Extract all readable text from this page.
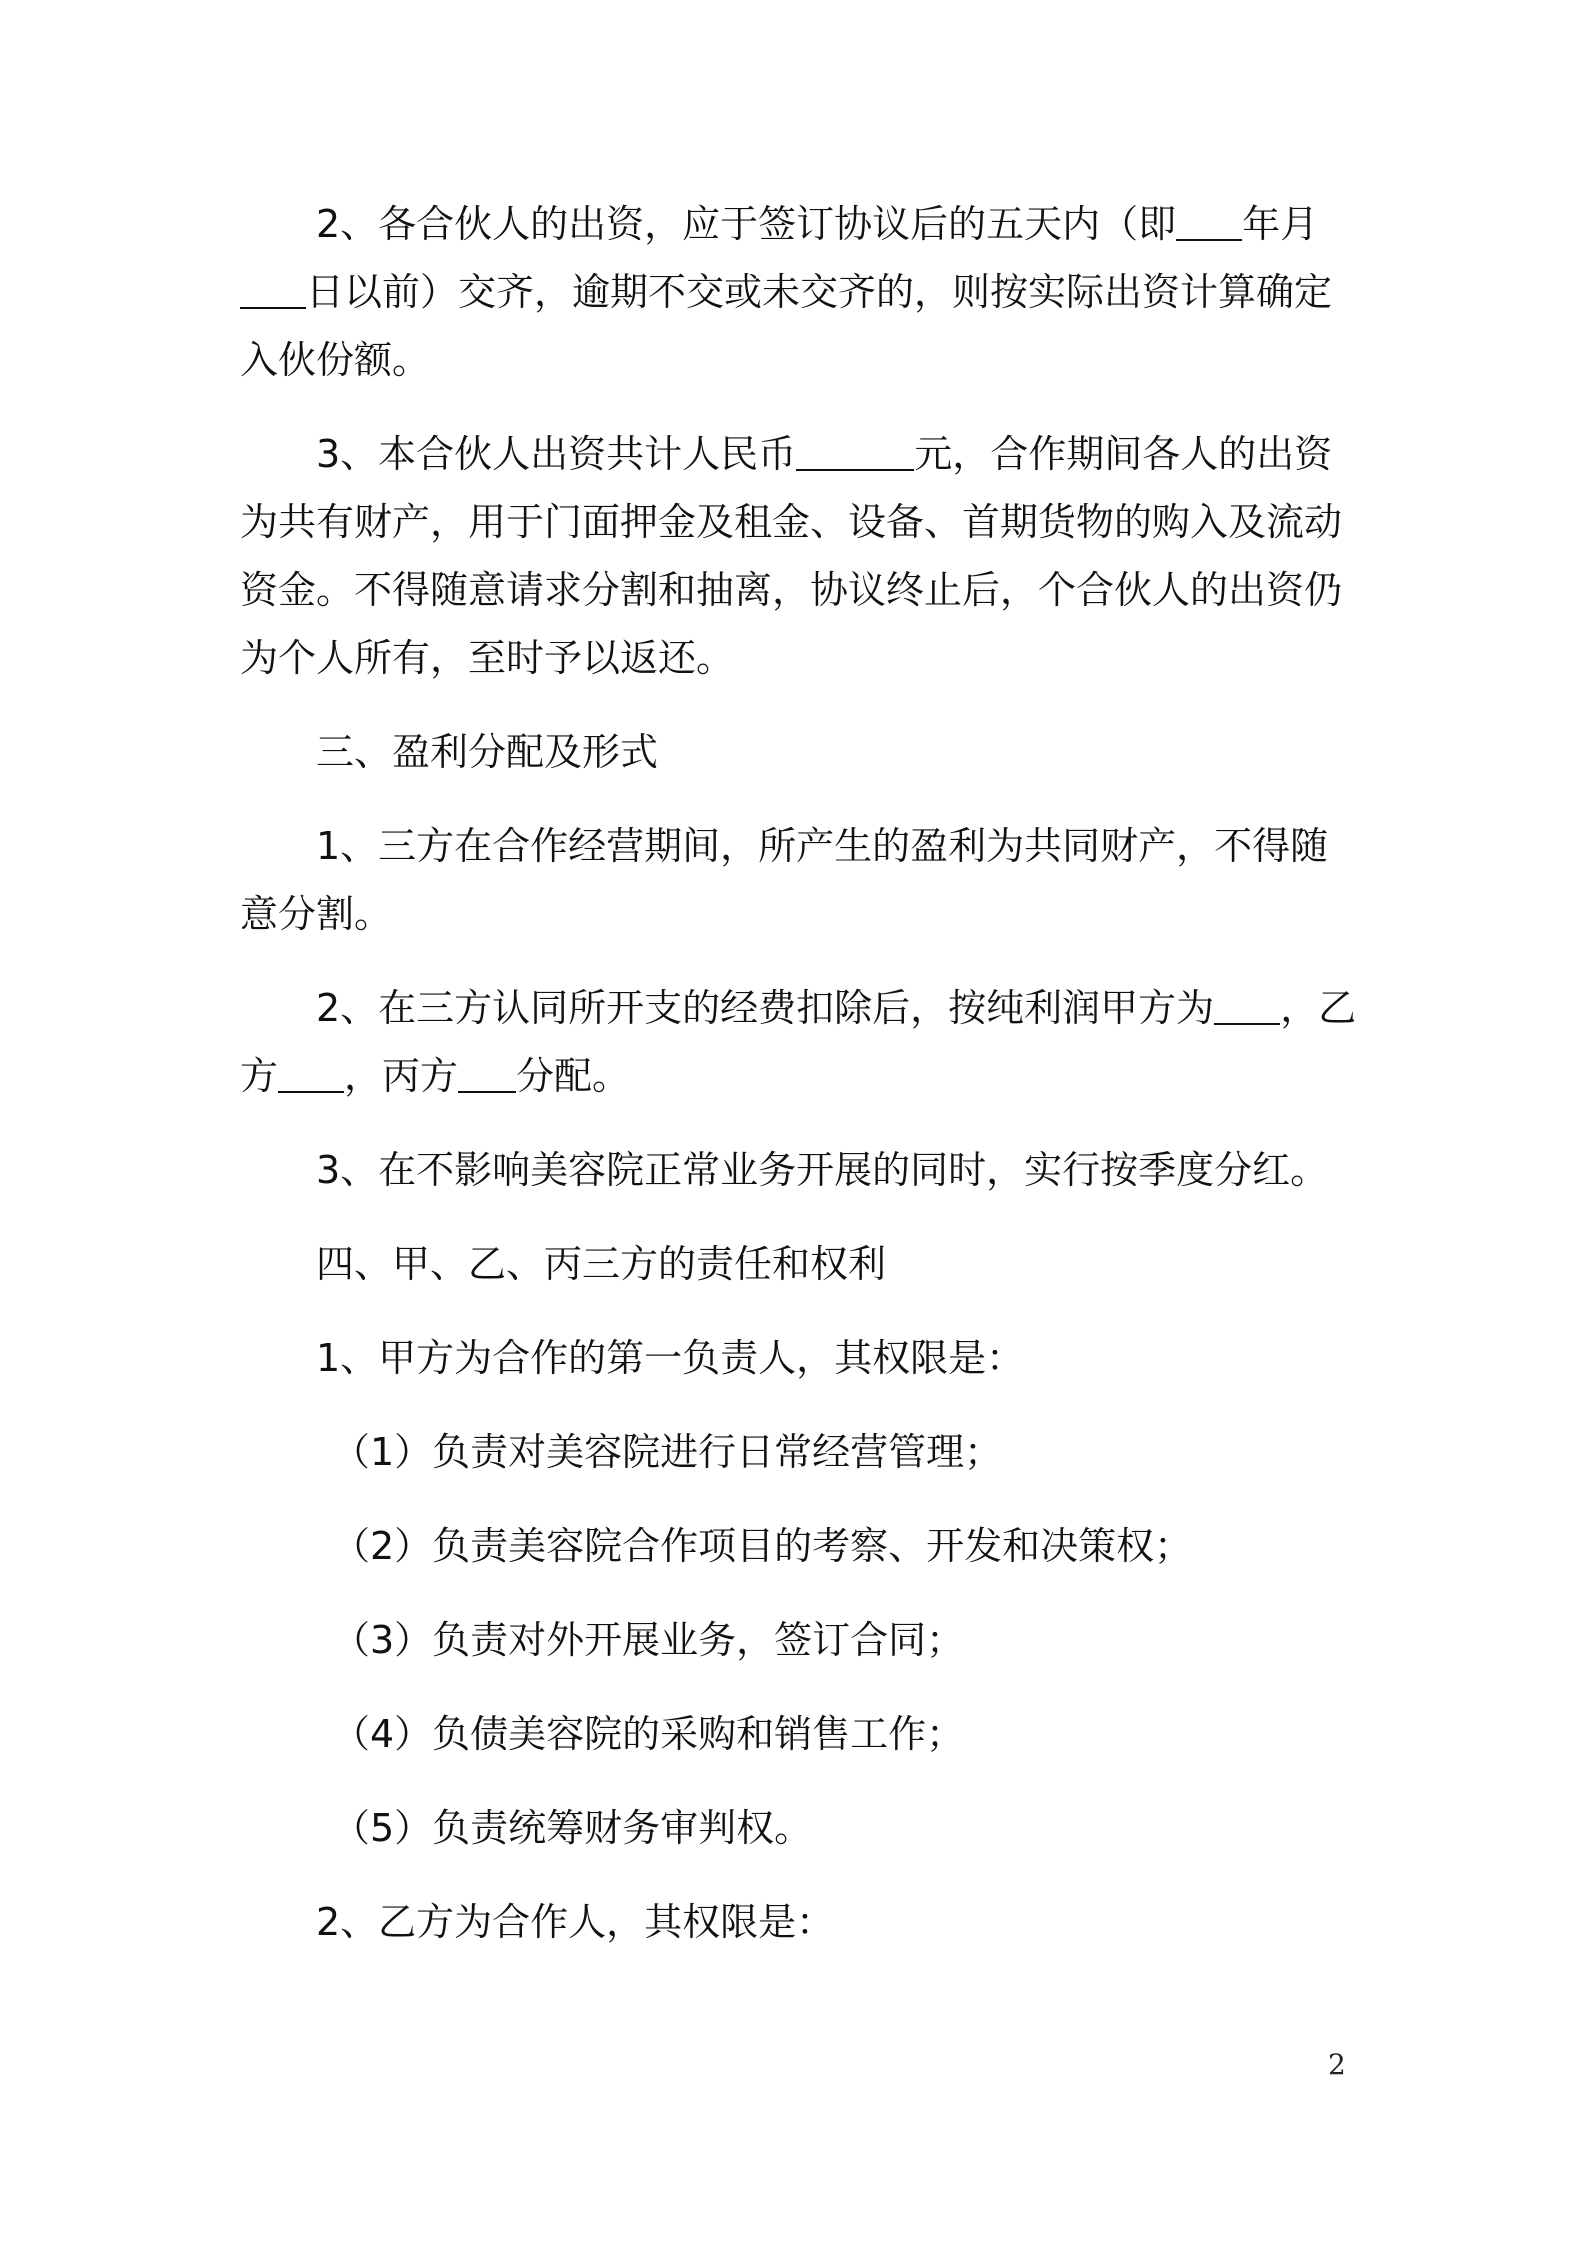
2、各合伙人的出资，应于签订协议后的五天内（即 年月日以前）交齐，逾期不交或未交齐的，则按实际出资计算确定入伙份额。

3、本合伙人出资共计人民币	元，合作期间各人的出资为共有财产，用于门面押金及租金、设备、首期货物的购入及流动资金。不得随意请求分割和抽离，协议终止后，个合伙人的出资仍为个人所有，至时予以返还。

三、盈利分配及形式

1、三方在合作经营期间，所产生的盈利为共同财产，不得随意分割。

2、在三方认同所开支的经费扣除后，按纯利润甲方为 ，乙方 ，丙方 分配。

3、在不影响美容院正常业务开展的同时，实行按季度分红。

四、甲、乙、丙三方的责任和权利

1、甲方为合作的第一负责人，其权限是：

（1）负责对美容院进行日常经营管理；

（2）负责美容院合作项目的考察、开发和决策权；

（3）负责对外开展业务，签订合同；

（4）负债美容院的采购和销售工作；

（5）负责统筹财务审判权。

2、乙方为合作人，其权限是：

2
